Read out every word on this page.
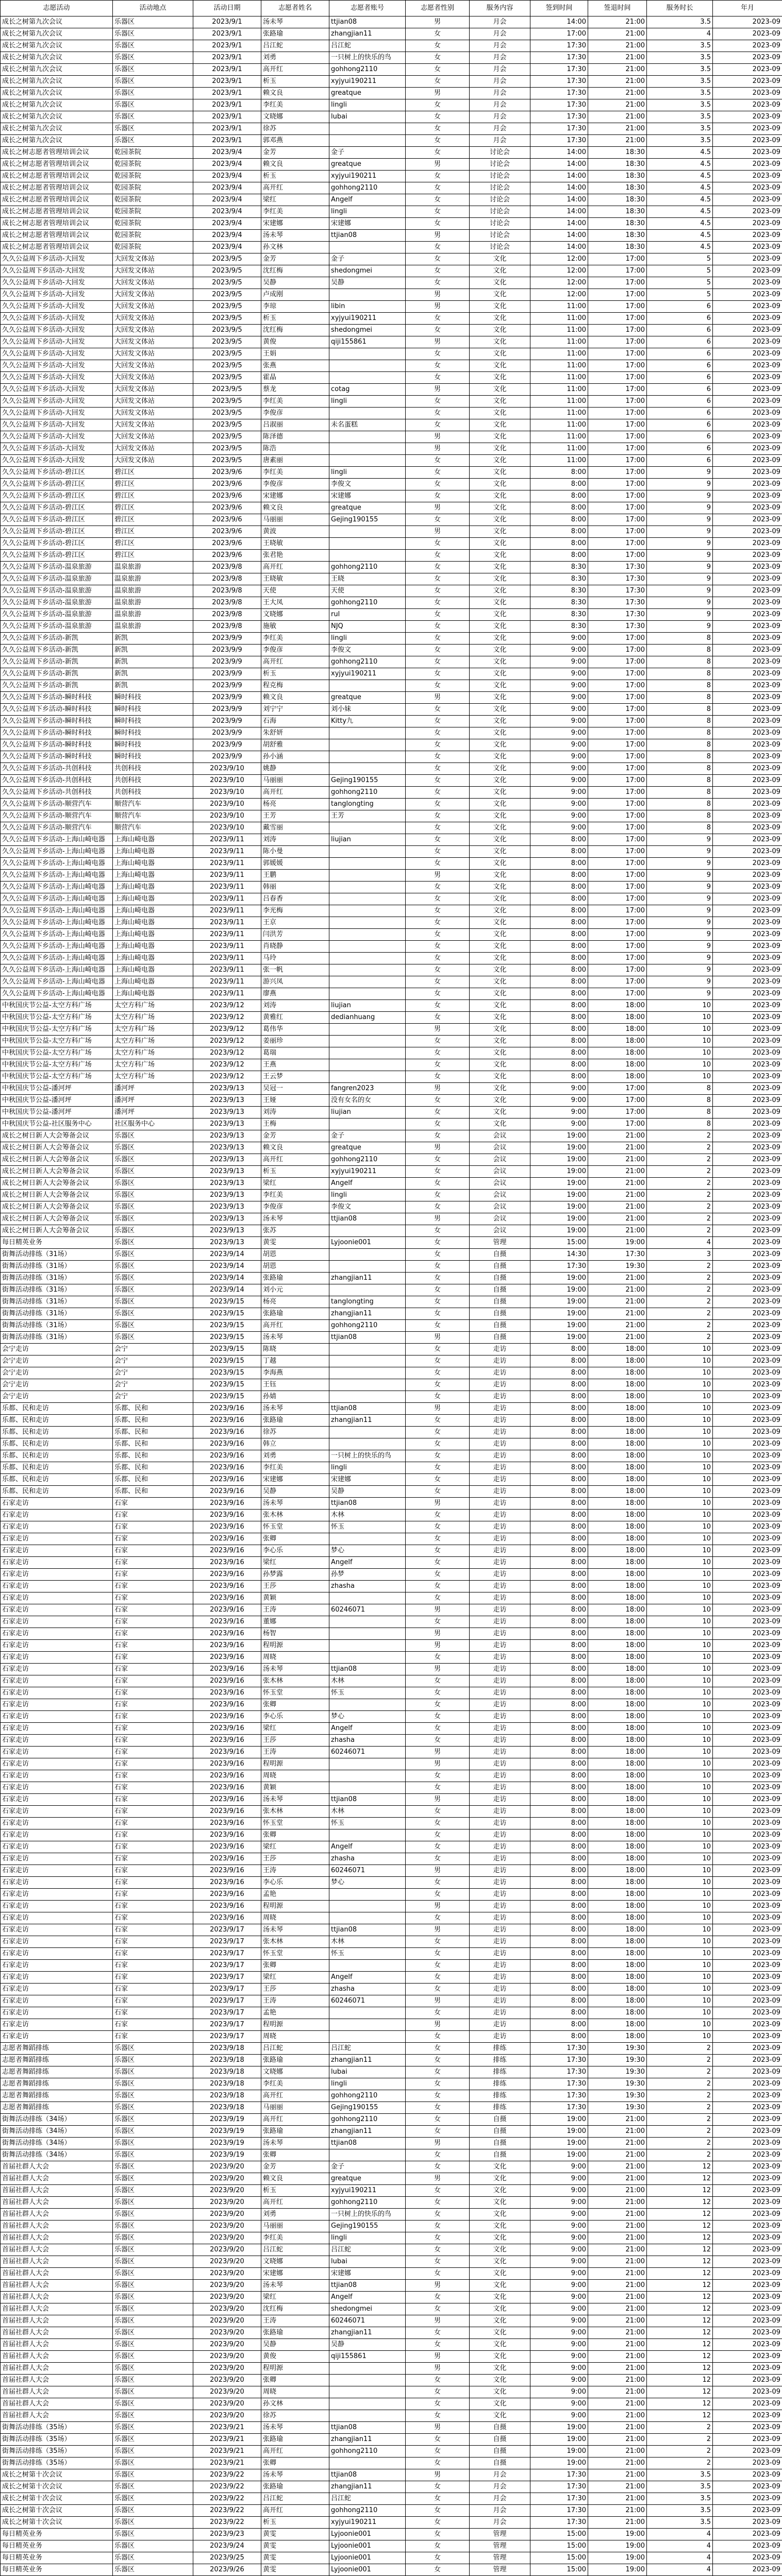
志愿活动	活动地点	活动日期	志愿者姓名	志愿者账号	志愿者性别	服务内容	签到时间	签退时间	服务时长	年月
成长之树第九次会议	乐器区	2023/9/1	汤未琴	ttjian08	男	月会	14:00	21:00	3.5	2023-09
成长之树第九次会议	乐器区	2023/9/1	张路瑜	zhangjian11	女	月会	17:00	21:00	4	2023-09
成长之树第九次会议	乐器区	2023/9/1	吕江蛇	吕江蛇	女	月会	17:30	21:00	3.5	2023-09
成长之树第九次会议	乐器区	2023/9/1	刘勇	一只树上的快乐的鸟	女	月会	17:30	21:00	3.5	2023-09
成长之树第九次会议	乐器区	2023/9/1	高开红	gohhong2110	女	月会	17:30	21:00	3.5	2023-09
成长之树第九次会议	乐器区	2023/9/1	析玉	xyjyui190211	女	月会	17:30	21:00	3.5	2023-09
成长之树第九次会议	乐器区	2023/9/1	赖文良	greatque	男	月会	17:30	21:00	3.5	2023-09
成长之树第九次会议	乐器区	2023/9/1	李红美	lingli	女	月会	17:30	21:00	3.5	2023-09
成长之树第九次会议	乐器区	2023/9/1	文晓娜	lubai	女	月会	17:30	21:00	3.5	2023-09
成长之树第九次会议	乐器区	2023/9/1	徐苏		女	月会	17:30	21:00	3.5	2023-09
成长之树第九次会议	乐器区	2023/9/1	郭邓燕		女	月会	17:30	21:00	3.5	2023-09
成长之树志愿者管理培训会议	乾园茶院	2023/9/4	金芳	金子	女	讨论会	14:00	18:30	4.5	2023-09
成长之树志愿者管理培训会议	乾园茶院	2023/9/4	赖文良	greatque	男	讨论会	14:00	18:30	4.5	2023-09
成长之树志愿者管理培训会议	乾园茶院	2023/9/4	析玉	xyjyui190211	女	讨论会	14:00	18:30	4.5	2023-09
成长之树志愿者管理培训会议	乾园茶院	2023/9/4	高开红	gohhong2110	女	讨论会	14:00	18:30	4.5	2023-09
成长之树志愿者管理培训会议	乾园茶院	2023/9/4	梁红	Angelf	女	讨论会	14:00	18:30	4.5	2023-09
成长之树志愿者管理培训会议	乾园茶院	2023/9/4	李红美	lingli	女	讨论会	14:00	18:30	4.5	2023-09
成长之树志愿者管理培训会议	乾园茶院	2023/9/4	宋建娜	宋建娜	女	讨论会	14:00	18:30	4.5	2023-09
成长之树志愿者管理培训会议	乾园茶院	2023/9/4	汤未琴	ttjian08	男	讨论会	14:00	18:30	4.5	2023-09
成长之树志愿者管理培训会议	乾园茶院	2023/9/4	孙文林		女	讨论会	14:00	18:30	4.5	2023-09
久久公益周下乡活动-大回发	大回发文体站	2023/9/5	金芳	金子	女	文化	12:00	17:00	5	2023-09
久久公益周下乡活动-大回发	大回发文体站	2023/9/5	沈红梅	shedongmei	女	文化	12:00	17:00	5	2023-09
久久公益周下乡活动-大回发	大回发文体站	2023/9/5	吴静	吴静	女	文化	12:00	17:00	5	2023-09
久久公益周下乡活动-大回发	大回发文体站	2023/9/5	卢成刚		男	文化	12:00	17:00	5	2023-09
久久公益周下乡活动-大回发	大回发文体站	2023/9/5	李琼	libin	男	文化	11:00	17:00	6	2023-09
久久公益周下乡活动-大回发	大回发文体站	2023/9/5	析玉	xyjyui190211	女	文化	11:00	17:00	6	2023-09
久久公益周下乡活动-大回发	大回发文体站	2023/9/5	沈红梅	shedongmei	女	文化	11:00	17:00	6	2023-09
久久公益周下乡活动-大回发	大回发文体站	2023/9/5	黄俊	qiji155861	男	文化	11:00	17:00	6	2023-09
久久公益周下乡活动-大回发	大回发文体站	2023/9/5	王娟		女	文化	11:00	17:00	6	2023-09
久久公益周下乡活动-大回发	大回发文体站	2023/9/5	张燕		女	文化	11:00	17:00	6	2023-09
久久公益周下乡活动-大回发	大回发文体站	2023/9/5	霍晶		女	文化	11:00	17:00	6	2023-09
久久公益周下乡活动-大回发	大回发文体站	2023/9/5	蔡龙	cotag	男	文化	11:00	17:00	6	2023-09
久久公益周下乡活动-大回发	大回发文体站	2023/9/5	李红美	lingli	女	文化	11:00	17:00	6	2023-09
久久公益周下乡活动-大回发	大回发文体站	2023/9/5	李俊彦		女	文化	11:00	17:00	6	2023-09
久久公益周下乡活动-大回发	大回发文体站	2023/9/5	吕淑丽	未名蛋糕	女	文化	11:00	17:00	6	2023-09
久久公益周下乡活动-大回发	大回发文体站	2023/9/5	陈泽德		男	文化	11:00	17:00	6	2023-09
久久公益周下乡活动-大回发	大回发文体站	2023/9/5	陈浩		男	文化	11:00	17:00	6	2023-09
久久公益周下乡活动-大回发	大回发文体站	2023/9/5	唐素丽		女	文化	11:00	17:00	6	2023-09
久久公益周下乡活动-碧江区	碧江区	2023/9/6	李红美	lingli	女	文化	8:00	17:00	9	2023-09
久久公益周下乡活动-碧江区	碧江区	2023/9/6	李俊彦	李俊文	女	文化	8:00	17:00	9	2023-09
久久公益周下乡活动-碧江区	碧江区	2023/9/6	宋建娜	宋建娜	女	文化	8:00	17:00	9	2023-09
久久公益周下乡活动-碧江区	碧江区	2023/9/6	赖文良	greatque	男	文化	8:00	17:00	9	2023-09
久久公益周下乡活动-碧江区	碧江区	2023/9/6	马丽丽	Gejing190155	女	文化	8:00	17:00	9	2023-09
久久公益周下乡活动-碧江区	碧江区	2023/9/6	黄波		男	文化	8:00	17:00	9	2023-09
久久公益周下乡活动-碧江区	碧江区	2023/9/6	王晓敏		女	文化	8:00	17:00	9	2023-09
久久公益周下乡活动-碧江区	碧江区	2023/9/6	张君艳		女	文化	8:00	17:00	9	2023-09
久久公益周下乡活动-温泉旅游	温泉旅游	2023/9/8	高开红	gohhong2110	女	文化	8:30	17:30	9	2023-09
久久公益周下乡活动-温泉旅游	温泉旅游	2023/9/8	王晓敏	王晓	女	文化	8:30	17:30	9	2023-09
久久公益周下乡活动-温泉旅游	温泉旅游	2023/9/8	天使	天使	女	文化	8:30	17:30	9	2023-09
久久公益周下乡活动-温泉旅游	温泉旅游	2023/9/8	王大凤	gohhong2110	女	文化	8:30	17:30	9	2023-09
久久公益周下乡活动-温泉旅游	温泉旅游	2023/9/8	文晓娜	rul	女	文化	8:30	17:30	9	2023-09
久久公益周下乡活动-温泉旅游	温泉旅游	2023/9/8	施敏	NJQ	女	文化	8:30	17:30	9	2023-09
久久公益周下乡活动-新凯	新凯	2023/9/9	李红美	lingli	女	文化	9:00	17:00	8	2023-09
久久公益周下乡活动-新凯	新凯	2023/9/9	李俊彦	李俊文	女	文化	9:00	17:00	8	2023-09
久久公益周下乡活动-新凯	新凯	2023/9/9	高开红	gohhong2110	女	文化	9:00	17:00	8	2023-09
久久公益周下乡活动-新凯	新凯	2023/9/9	析玉	xyjyui190211	女	文化	9:00	17:00	8	2023-09
久久公益周下乡活动-新凯	新凯	2023/9/9	程克梅		女	文化	9:00	17:00	8	2023-09
久久公益周下乡活动-瞬时科技	瞬时科技	2023/9/9	赖文良	greatque	男	文化	9:00	17:00	8	2023-09
久久公益周下乡活动-瞬时科技	瞬时科技	2023/9/9	刘宁宁	刘小妹	女	文化	9:00	17:00	8	2023-09
久久公益周下乡活动-瞬时科技	瞬时科技	2023/9/9	石海	Kitty九	女	文化	9:00	17:00	8	2023-09
久久公益周下乡活动-瞬时科技	瞬时科技	2023/9/9	朱舒妍		女	文化	9:00	17:00	8	2023-09
久久公益周下乡活动-瞬时科技	瞬时科技	2023/9/9	胡舒雅		女	文化	9:00	17:00	8	2023-09
久久公益周下乡活动-瞬时科技	瞬时科技	2023/9/9	孙小涵		女	文化	9:00	17:00	8	2023-09
久久公益周下乡活动-共创科技	共创科技	2023/9/10	姚静		女	文化	9:00	17:00	8	2023-09
久久公益周下乡活动-共创科技	共创科技	2023/9/10	马丽丽	Gejing190155	女	文化	9:00	17:00	8	2023-09
久久公益周下乡活动-共创科技	共创科技	2023/9/10	高开红	gohhong2110	女	文化	9:00	17:00	8	2023-09
久久公益周下乡活动-顺营汽车	顺营汽车	2023/9/10	杨亮	tanglongting	女	文化	9:00	17:00	8	2023-09
久久公益周下乡活动-顺营汽车	顺营汽车	2023/9/10	王芳	王芳	女	文化	9:00	17:00	8	2023-09
久久公益周下乡活动-顺营汽车	顺营汽车	2023/9/10	戴雪丽		女	文化	9:00	17:00	8	2023-09
久久公益周下乡活动-上海山崎电器	上海山崎电器	2023/9/11	刘涛	liujian	女	文化	8:00	17:00	9	2023-09
久久公益周下乡活动-上海山崎电器	上海山崎电器	2023/9/11	陈小曼		女	文化	8:00	17:00	9	2023-09
久久公益周下乡活动-上海山崎电器	上海山崎电器	2023/9/11	郭媛媛		女	文化	8:00	17:00	9	2023-09
久久公益周下乡活动-上海山崎电器	上海山崎电器	2023/9/11	王鹏		男	文化	8:00	17:00	9	2023-09
久久公益周下乡活动-上海山崎电器	上海山崎电器	2023/9/11	韩丽		女	文化	8:00	17:00	9	2023-09
久久公益周下乡活动-上海山崎电器	上海山崎电器	2023/9/11	吕春香		女	文化	8:00	17:00	9	2023-09
久久公益周下乡活动-上海山崎电器	上海山崎电器	2023/9/11	李光梅		女	文化	8:00	17:00	9	2023-09
久久公益周下乡活动-上海山崎电器	上海山崎电器	2023/9/11	王京		女	文化	8:00	17:00	9	2023-09
久久公益周下乡活动-上海山崎电器	上海山崎电器	2023/9/11	闫洪芳		女	文化	8:00	17:00	9	2023-09
久久公益周下乡活动-上海山崎电器	上海山崎电器	2023/9/11	肖晓静		女	文化	8:00	17:00	9	2023-09
久久公益周下乡活动-上海山崎电器	上海山崎电器	2023/9/11	马玲		女	文化	8:00	17:00	9	2023-09
久久公益周下乡活动-上海山崎电器	上海山崎电器	2023/9/11	张一帆		女	文化	8:00	17:00	9	2023-09
久久公益周下乡活动-上海山崎电器	上海山崎电器	2023/9/11	游兴凤		女	文化	8:00	17:00	9	2023-09
久久公益周下乡活动-上海山崎电器	上海山崎电器	2023/9/11	廖燕		女	文化	8:00	17:00	9	2023-09
中秋国庆节公益-太空方科广场	太空方科广场	2023/9/12	刘涛	liujian	女	文化	8:00	18:00	10	2023-09
中秋国庆节公益-太空方科广场	太空方科广场	2023/9/12	黄雅红	dedianhuang	女	文化	8:00	18:00	10	2023-09
中秋国庆节公益-太空方科广场	太空方科广场	2023/9/12	葛伟华		男	文化	8:00	18:00	10	2023-09
中秋国庆节公益-太空方科广场	太空方科广场	2023/9/12	姜丽珍		女	文化	8:00	18:00	10	2023-09
中秋国庆节公益-太空方科广场	太空方科广场	2023/9/12	葛瑞		女	文化	8:00	18:00	10	2023-09
中秋国庆节公益-太空方科广场	太空方科广场	2023/9/12	王燕		女	文化	8:00	18:00	10	2023-09
中秋国庆节公益-太空方科广场	太空方科广场	2023/9/12	王云梦		女	文化	8:00	18:00	10	2023-09
中秋国庆节公益-潘河坪	潘河坪	2023/9/13	吴冠一	fangren2023	男	文化	9:00	17:00	8	2023-09
中秋国庆节公益-潘河坪	潘河坪	2023/9/13	王娅	没有女名的女	女	文化	9:00	17:00	8	2023-09
中秋国庆节公益-潘河坪	潘河坪	2023/9/13	刘涛	liujian	女	文化	9:00	17:00	8	2023-09
中秋国庆节公益-社区服务中心	社区服务中心	2023/9/13	王梅		女	文化	9:00	17:00	8	2023-09
成长之树日新人大会筹备会议	乐器区	2023/9/13	金芳	金子	女	会议	19:00	21:00	2	2023-09
成长之树日新人大会筹备会议	乐器区	2023/9/13	赖文良	greatque	男	会议	19:00	21:00	2	2023-09
成长之树日新人大会筹备会议	乐器区	2023/9/13	高开红	gohhong2110	女	会议	19:00	21:00	2	2023-09
成长之树日新人大会筹备会议	乐器区	2023/9/13	析玉	xyjyui190211	女	会议	19:00	21:00	2	2023-09
成长之树日新人大会筹备会议	乐器区	2023/9/13	梁红	Angelf	女	会议	19:00	21:00	2	2023-09
成长之树日新人大会筹备会议	乐器区	2023/9/13	李红美	lingli	女	会议	19:00	21:00	2	2023-09
成长之树日新人大会筹备会议	乐器区	2023/9/13	李俊彦	李俊文	女	会议	19:00	21:00	2	2023-09
成长之树日新人大会筹备会议	乐器区	2023/9/13	汤未琴	ttjian08	男	会议	19:00	21:00	2	2023-09
成长之树日新人大会筹备会议	乐器区	2023/9/13	张苏		女	会议	19:00	21:00	2	2023-09
每日精英业务	乐器区	2023/9/13	黄雯	Lyjoonie001	女	管理	15:00	19:00	4	2023-09
街舞活动排练（31场）	乐器区	2023/9/14	胡恩		女	自摄	14:30	17:30	3	2023-09
街舞活动排练（31场）	乐器区	2023/9/14	胡恩		女	自摄	17:30	19:30	2	2023-09
街舞活动排练（31场）	乐器区	2023/9/14	张路瑜	zhangjian11	女	自摄	19:00	21:00	2	2023-09
街舞活动排练（31场）	乐器区	2023/9/14	刘小元		女	自摄	19:00	21:00	2	2023-09
街舞活动排练（31场）	乐器区	2023/9/15	杨亮	tanglongting	女	自摄	19:00	21:00	2	2023-09
街舞活动排练（31场）	乐器区	2023/9/15	张路瑜	zhangjian11	女	自摄	19:00	21:00	2	2023-09
街舞活动排练（31场）	乐器区	2023/9/15	高开红	gohhong2110	女	自摄	19:00	21:00	2	2023-09
街舞活动排练（31场）	乐器区	2023/9/15	汤未琴	ttjian08	男	自摄	19:00	21:00	2	2023-09
会宁走访	会宁	2023/9/15	陈晓		女	走访	8:00	18:00	10	2023-09
会宁走访	会宁	2023/9/15	丁越		女	走访	8:00	18:00	10	2023-09
会宁走访	会宁	2023/9/15	李海燕		女	走访	8:00	18:00	10	2023-09
会宁走访	会宁	2023/9/15	王钰		女	走访	8:00	18:00	10	2023-09
会宁走访	会宁	2023/9/15	孙婧		女	走访	8:00	18:00	10	2023-09
乐都、民和走访	乐都、民和	2023/9/16	汤未琴	ttjian08	男	走访	8:00	18:00	10	2023-09
乐都、民和走访	乐都、民和	2023/9/16	张路瑜	zhangjian11	女	走访	8:00	18:00	10	2023-09
乐都、民和走访	乐都、民和	2023/9/16	徐苏		女	走访	8:00	18:00	10	2023-09
乐都、民和走访	乐都、民和	2023/9/16	韩立		女	走访	8:00	18:00	10	2023-09
乐都、民和走访	乐都、民和	2023/9/16	刘勇	一只树上的快乐的鸟	女	走访	8:00	18:00	10	2023-09
乐都、民和走访	乐都、民和	2023/9/16	李红美	lingli	女	走访	8:00	18:00	10	2023-09
乐都、民和走访	乐都、民和	2023/9/16	宋建娜	宋建娜	女	走访	8:00	18:00	10	2023-09
乐都、民和走访	乐都、民和	2023/9/16	吴静	吴静	女	走访	8:00	18:00	10	2023-09
石家走访	石家	2023/9/16	汤未琴	ttjian08	男	走访	8:00	18:00	10	2023-09
石家走访	石家	2023/9/16	张木林	木林	女	走访	8:00	18:00	10	2023-09
石家走访	石家	2023/9/16	怀玉堂	怀玉	女	走访	8:00	18:00	10	2023-09
石家走访	石家	2023/9/16	张卿		女	走访	8:00	18:00	10	2023-09
石家走访	石家	2023/9/16	李心乐	梦心	女	走访	8:00	18:00	10	2023-09
石家走访	石家	2023/9/16	梁红	Angelf	女	走访	8:00	18:00	10	2023-09
石家走访	石家	2023/9/16	孙梦露	孙梦	女	走访	8:00	18:00	10	2023-09
石家走访	石家	2023/9/16	王莎	zhasha	女	走访	8:00	18:00	10	2023-09
石家走访	石家	2023/9/16	黄颖		女	走访	8:00	18:00	10	2023-09
石家走访	石家	2023/9/16	王涛	60246071	男	走访	8:00	18:00	10	2023-09
石家走访	石家	2023/9/16	董娜		女	走访	8:00	18:00	10	2023-09
石家走访	石家	2023/9/16	杨智		男	走访	8:00	18:00	10	2023-09
石家走访	石家	2023/9/16	程明源		男	走访	8:00	18:00	10	2023-09
石家走访	石家	2023/9/16	周晓		女	走访	8:00	18:00	10	2023-09
石家走访	石家	2023/9/16	汤未琴	ttjian08	男	走访	8:00	18:00	10	2023-09
石家走访	石家	2023/9/16	张木林	木林	女	走访	8:00	18:00	10	2023-09
石家走访	石家	2023/9/16	怀玉堂	怀玉	女	走访	8:00	18:00	10	2023-09
石家走访	石家	2023/9/16	张卿		女	走访	8:00	18:00	10	2023-09
石家走访	石家	2023/9/16	李心乐	梦心	女	走访	8:00	18:00	10	2023-09
石家走访	石家	2023/9/16	梁红	Angelf	女	走访	8:00	18:00	10	2023-09
石家走访	石家	2023/9/16	王莎	zhasha	女	走访	8:00	18:00	10	2023-09
石家走访	石家	2023/9/16	王涛	60246071	男	走访	8:00	18:00	10	2023-09
石家走访	石家	2023/9/16	程明源		男	走访	8:00	18:00	10	2023-09
石家走访	石家	2023/9/16	周晓		女	走访	8:00	18:00	10	2023-09
石家走访	石家	2023/9/16	黄颖		女	走访	8:00	18:00	10	2023-09
石家走访	石家	2023/9/16	汤未琴	ttjian08	男	走访	8:00	18:00	10	2023-09
石家走访	石家	2023/9/16	张木林	木林	女	走访	8:00	18:00	10	2023-09
石家走访	石家	2023/9/16	怀玉堂	怀玉	女	走访	8:00	18:00	10	2023-09
石家走访	石家	2023/9/16	张卿		女	走访	8:00	18:00	10	2023-09
石家走访	石家	2023/9/16	梁红	Angelf	女	走访	8:00	18:00	10	2023-09
石家走访	石家	2023/9/16	王莎	zhasha	女	走访	8:00	18:00	10	2023-09
石家走访	石家	2023/9/16	王涛	60246071	男	走访	8:00	18:00	10	2023-09
石家走访	石家	2023/9/16	李心乐	梦心	女	走访	8:00	18:00	10	2023-09
石家走访	石家	2023/9/16	孟艳		女	走访	8:00	18:00	10	2023-09
石家走访	石家	2023/9/16	程明源		男	走访	8:00	18:00	10	2023-09
石家走访	石家	2023/9/16	周晓		女	走访	8:00	18:00	10	2023-09
石家走访	石家	2023/9/17	汤未琴	ttjian08	男	走访	8:00	18:00	10	2023-09
石家走访	石家	2023/9/17	张木林	木林	女	走访	8:00	18:00	10	2023-09
石家走访	石家	2023/9/17	怀玉堂	怀玉	女	走访	8:00	18:00	10	2023-09
石家走访	石家	2023/9/17	张卿		女	走访	8:00	18:00	10	2023-09
石家走访	石家	2023/9/17	梁红	Angelf	女	走访	8:00	18:00	10	2023-09
石家走访	石家	2023/9/17	王莎	zhasha	女	走访	8:00	18:00	10	2023-09
石家走访	石家	2023/9/17	王涛	60246071	男	走访	8:00	18:00	10	2023-09
石家走访	石家	2023/9/17	孟艳		女	走访	8:00	18:00	10	2023-09
石家走访	石家	2023/9/17	程明源		男	走访	8:00	18:00	10	2023-09
石家走访	石家	2023/9/17	周晓		女	走访	8:00	18:00	10	2023-09
志愿者舞蹈排练	乐器区	2023/9/18	吕江蛇	吕江蛇	女	排练	17:30	19:30	2	2023-09
志愿者舞蹈排练	乐器区	2023/9/18	张路瑜	zhangjian11	女	排练	17:30	19:30	2	2023-09
志愿者舞蹈排练	乐器区	2023/9/18	文晓娜	lubai	女	排练	17:30	19:30	2	2023-09
志愿者舞蹈排练	乐器区	2023/9/18	李红美	lingli	女	排练	17:30	19:30	2	2023-09
志愿者舞蹈排练	乐器区	2023/9/18	高开红	gohhong2110	女	排练	17:30	19:30	2	2023-09
志愿者舞蹈排练	乐器区	2023/9/18	马丽丽	Gejing190155	女	排练	17:30	19:30	2	2023-09
街舞活动排练（34场）	乐器区	2023/9/19	高开红	gohhong2110	女	自摄	19:00	21:00	2	2023-09
街舞活动排练（34场）	乐器区	2023/9/19	张路瑜	zhangjian11	女	自摄	19:00	21:00	2	2023-09
街舞活动排练（34场）	乐器区	2023/9/19	汤未琴	ttjian08	男	自摄	19:00	21:00	2	2023-09
街舞活动排练（34场）	乐器区	2023/9/19	张卿		女	自摄	19:00	21:00	2	2023-09
首届社群人大会	乐器区	2023/9/20	金芳	金子	女	文化	9:00	21:00	12	2023-09
首届社群人大会	乐器区	2023/9/20	赖文良	greatque	男	文化	9:00	21:00	12	2023-09
首届社群人大会	乐器区	2023/9/20	析玉	xyjyui190211	女	文化	9:00	21:00	12	2023-09
首届社群人大会	乐器区	2023/9/20	高开红	gohhong2110	女	文化	9:00	21:00	12	2023-09
首届社群人大会	乐器区	2023/9/20	刘勇	一只树上的快乐的鸟	女	文化	9:00	21:00	12	2023-09
首届社群人大会	乐器区	2023/9/20	马丽丽	Gejing190155	女	文化	9:00	21:00	12	2023-09
首届社群人大会	乐器区	2023/9/20	李红美	lingli	女	文化	9:00	21:00	12	2023-09
首届社群人大会	乐器区	2023/9/20	吕江蛇	吕江蛇	女	文化	9:00	21:00	12	2023-09
首届社群人大会	乐器区	2023/9/20	文晓娜	lubai	女	文化	9:00	21:00	12	2023-09
首届社群人大会	乐器区	2023/9/20	宋建娜	宋建娜	女	文化	9:00	21:00	12	2023-09
首届社群人大会	乐器区	2023/9/20	汤未琴	ttjian08	男	文化	9:00	21:00	12	2023-09
首届社群人大会	乐器区	2023/9/20	梁红	Angelf	女	文化	9:00	21:00	12	2023-09
首届社群人大会	乐器区	2023/9/20	沈红梅	shedongmei	女	文化	9:00	21:00	12	2023-09
首届社群人大会	乐器区	2023/9/20	王涛	60246071	男	文化	9:00	21:00	12	2023-09
首届社群人大会	乐器区	2023/9/20	张路瑜	zhangjian11	女	文化	9:00	21:00	12	2023-09
首届社群人大会	乐器区	2023/9/20	吴静	吴静	女	文化	9:00	21:00	12	2023-09
首届社群人大会	乐器区	2023/9/20	黄俊	qiji155861	男	文化	9:00	21:00	12	2023-09
首届社群人大会	乐器区	2023/9/20	程明源		男	文化	9:00	21:00	12	2023-09
首届社群人大会	乐器区	2023/9/20	张卿		女	文化	9:00	21:00	12	2023-09
首届社群人大会	乐器区	2023/9/20	周晓		女	文化	9:00	21:00	12	2023-09
首届社群人大会	乐器区	2023/9/20	孙文林		女	文化	9:00	21:00	12	2023-09
首届社群人大会	乐器区	2023/9/20	徐苏		女	文化	9:00	21:00	12	2023-09
街舞活动排练（35场）	乐器区	2023/9/21	汤未琴	ttjian08	男	自摄	19:00	21:00	2	2023-09
街舞活动排练（35场）	乐器区	2023/9/21	张路瑜	zhangjian11	女	自摄	19:00	21:00	2	2023-09
街舞活动排练（35场）	乐器区	2023/9/21	高开红	gohhong2110	女	自摄	19:00	21:00	2	2023-09
街舞活动排练（35场）	乐器区	2023/9/21	张卿		女	自摄	19:00	21:00	2	2023-09
成长之树第十次会议	乐器区	2023/9/22	汤未琴	ttjian08	男	月会	17:30	21:00	3.5	2023-09
成长之树第十次会议	乐器区	2023/9/22	张路瑜	zhangjian11	女	月会	17:30	21:00	3.5	2023-09
成长之树第十次会议	乐器区	2023/9/22	吕江蛇	吕江蛇	女	月会	17:30	21:00	3.5	2023-09
成长之树第十次会议	乐器区	2023/9/22	高开红	gohhong2110	女	月会	17:30	21:00	3.5	2023-09
成长之树第十次会议	乐器区	2023/9/22	析玉	xyjyui190211	女	月会	17:30	21:00	3.5	2023-09
每日精英业务	乐器区	2023/9/23	黄雯	Lyjoonie001	女	管理	15:00	19:00	4	2023-09
每日精英业务	乐器区	2023/9/24	黄雯	Lyjoonie001	女	管理	15:00	19:00	4	2023-09
每日精英业务	乐器区	2023/9/25	黄雯	Lyjoonie001	女	管理	15:00	19:00	4	2023-09
每日精英业务	乐器区	2023/9/26	黄雯	Lyjoonie001	女	管理	15:00	19:00	4	2023-09
